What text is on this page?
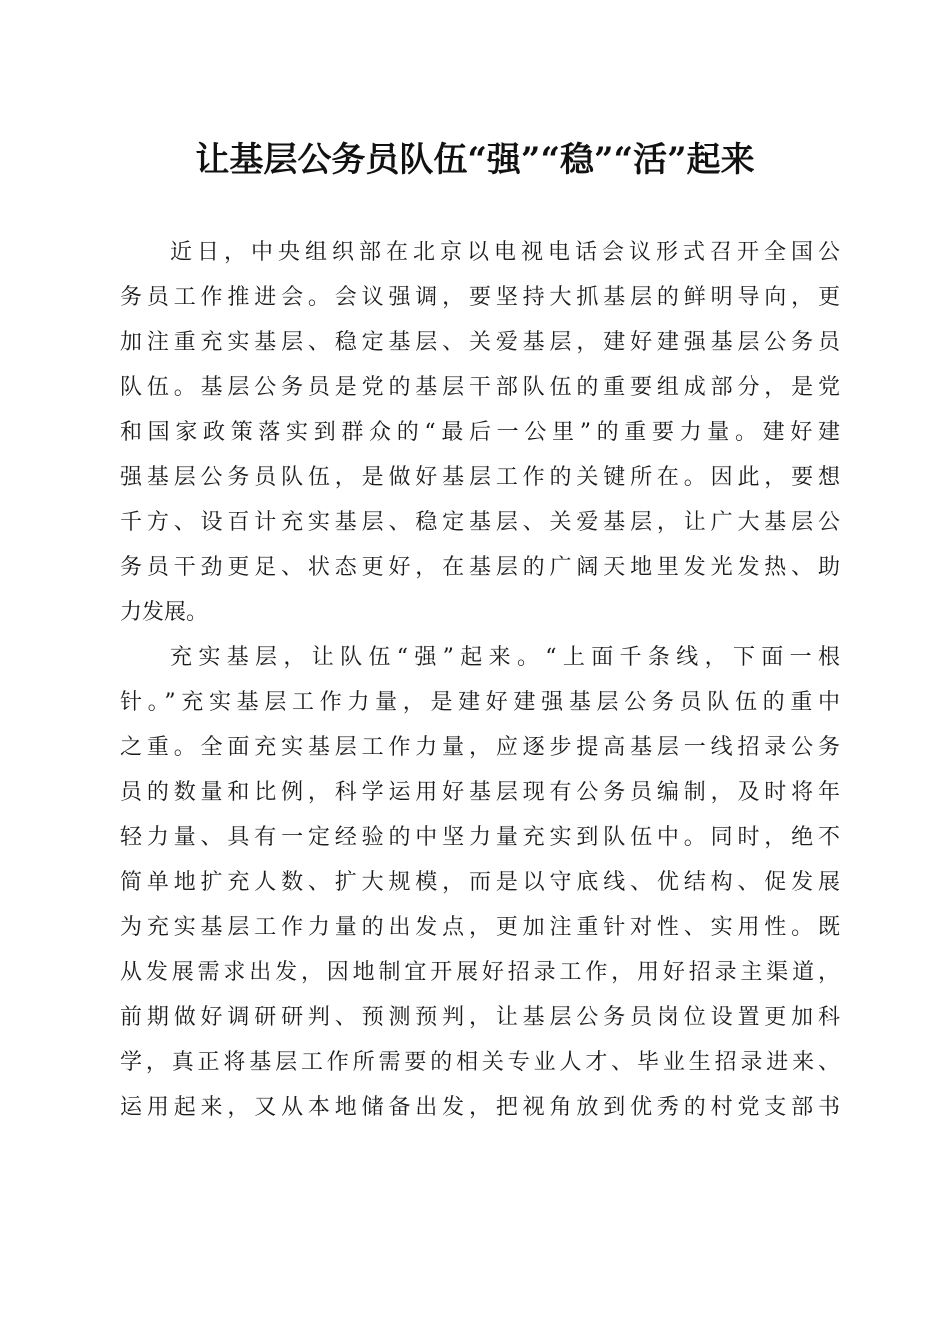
让基层公务员队伍“强”“稳”“活”起来
近日，中央组织部在北京以电视电话会议形式召开全国公
务员工作推进会。会议强调，要坚持大抓基层的鲜明导向，更
加注重充实基层、稳定基层、关爱基层，建好建强基层公务员
队伍。基层公务员是党的基层干部队伍的重要组成部分，是党
和国家政策落实到群众的“最后一公里”的重要力量。建好建
强基层公务员队伍，是做好基层工作的关键所在。因此，要想
千方、设百计充实基层、稳定基层、关爱基层，让广大基层公
务员干劲更足、状态更好，在基层的广阔天地里发光发热、助
力发展。
充实基层，让队伍“强”起来。“上面千条线，下面一根
针。”充实基层工作力量，是建好建强基层公务员队伍的重中
之重。全面充实基层工作力量，应逐步提高基层一线招录公务
员的数量和比例，科学运用好基层现有公务员编制，及时将年
轻力量、具有一定经验的中坚力量充实到队伍中。同时，绝不
简单地扩充人数、扩大规模，而是以守底线、优结构、促发展
为充实基层工作力量的出发点，更加注重针对性、实用性。既
从发展需求出发，因地制宜开展好招录工作，用好招录主渠道，
前期做好调研研判、预测预判，让基层公务员岗位设置更加科
学，真正将基层工作所需要的相关专业人才、毕业生招录进来、
运用起来，又从本地储备出发，把视角放到优秀的村党支部书
